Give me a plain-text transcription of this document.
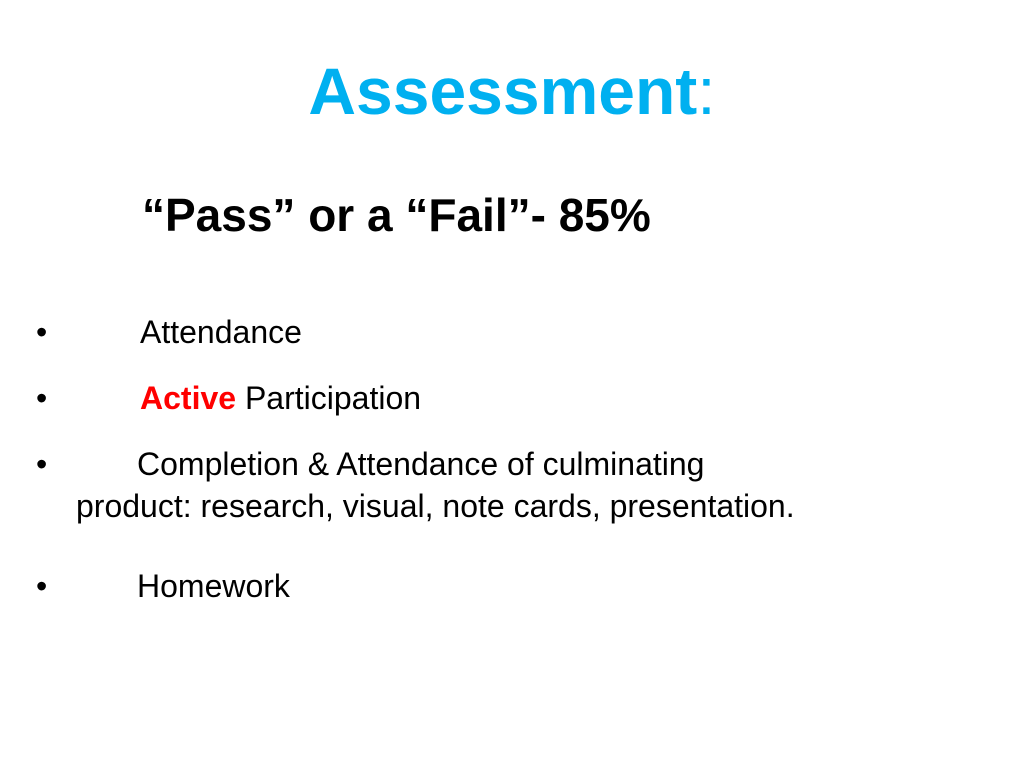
Assessment:
“Pass” or a “Fail”- 85%
•	Attendance
•	Active Participation
•	Completion & Attendance of culminating
product: research, visual, note cards, presentation.
•	Homework
